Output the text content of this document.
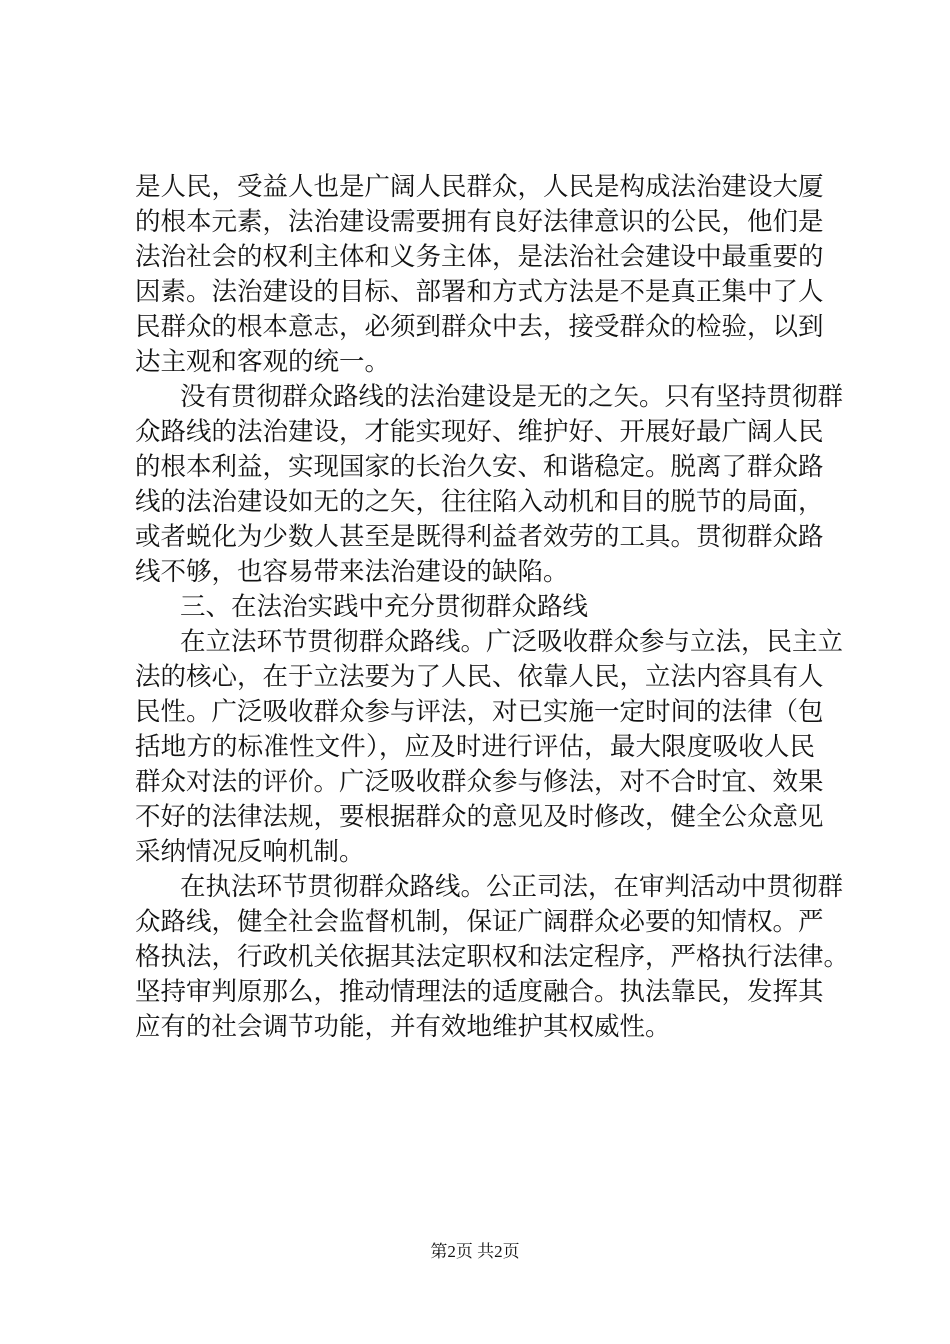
是人民，受益人也是广阔人民群众，人民是构成法治建设大厦
的根本元素，法治建设需要拥有良好法律意识的公民，他们是
法治社会的权利主体和义务主体，是法治社会建设中最重要的
因素。法治建设的目标、部署和方式方法是不是真正集中了人
民群众的根本意志，必须到群众中去，接受群众的检验，以到
达主观和客观的统一。
没有贯彻群众路线的法治建设是无的之矢。只有坚持贯彻群
众路线的法治建设，才能实现好、维护好、开展好最广阔人民
的根本利益，实现国家的长治久安、和谐稳定。脱离了群众路
线的法治建设如无的之矢，往往陷入动机和目的脱节的局面，
或者蜕化为少数人甚至是既得利益者效劳的工具。贯彻群众路
线不够，也容易带来法治建设的缺陷。
三、在法治实践中充分贯彻群众路线
在立法环节贯彻群众路线。广泛吸收群众参与立法，民主立
法的核心，在于立法要为了人民、依靠人民，立法内容具有人
民性。广泛吸收群众参与评法，对已实施一定时间的法律（包
括地方的标准性文件），应及时进行评估，最大限度吸收人民
群众对法的评价。广泛吸收群众参与修法，对不合时宜、效果
不好的法律法规，要根据群众的意见及时修改，健全公众意见
采纳情况反响机制。
在执法环节贯彻群众路线。公正司法，在审判活动中贯彻群
众路线，健全社会监督机制，保证广阔群众必要的知情权。严
格执法，行政机关依据其法定职权和法定程序，严格执行法律。
坚持审判原那么，推动情理法的适度融合。执法靠民，发挥其
应有的社会调节功能，并有效地维护其权威性。
第2页 共2页
